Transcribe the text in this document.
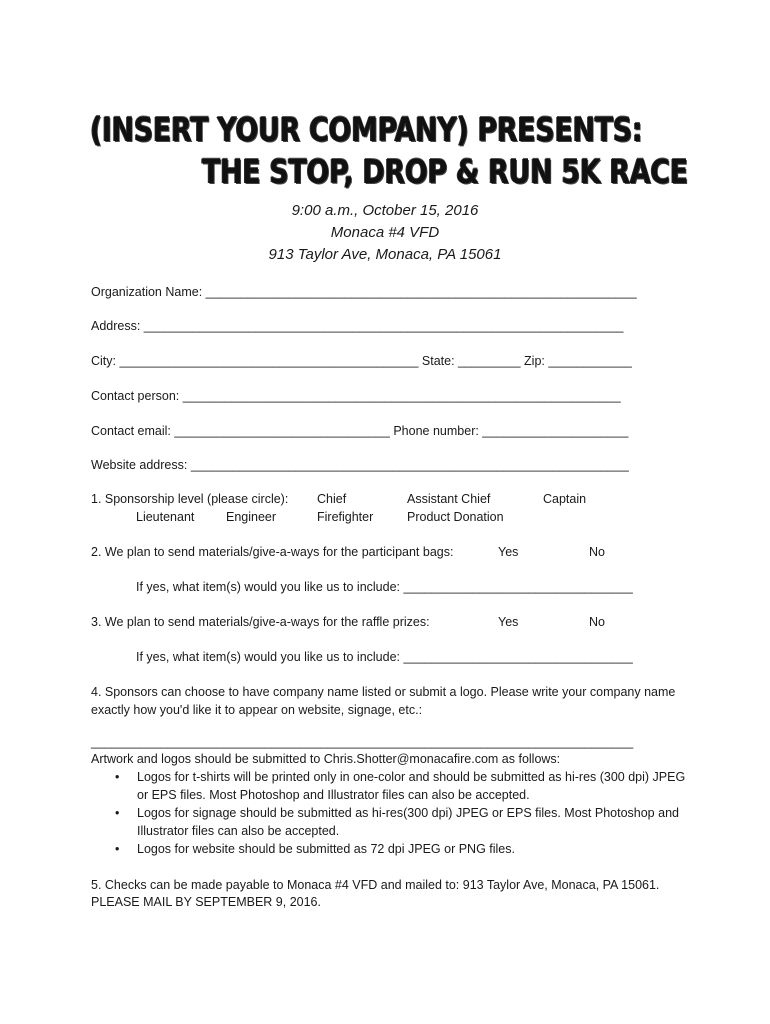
(INSERT YOUR COMPANY) PRESENTS:
THE STOP, DROP & RUN 5K RACE
9:00 a.m., October 15, 2016
Monaca #4 VFD
913 Taylor Ave, Monaca, PA 15061
Organization Name: ______________________________________________________________
Address: _____________________________________________________________________
City: ___________________________________________ State: _________ Zip: ____________
Contact person: _______________________________________________________________
Contact email: _______________________________ Phone number: _____________________
Website address: _______________________________________________________________
1. Sponsorship level (please circle): Chief	Assistant Chief	Captain
Lieutenant	Engineer	Firefighter	Product Donation
2. We plan to send materials/give-a-ways for the participant bags:	Yes	No
If yes, what item(s) would you like us to include: _________________________________
3. We plan to send materials/give-a-ways for the raffle prizes:	Yes	No
If yes, what item(s) would you like us to include: _________________________________
4. Sponsors can choose to have company name listed or submit a logo. Please write your company name exactly how you'd like it to appear on website, signage, etc.:
______________________________________________________________________________
Artwork and logos should be submitted to Chris.Shotter@monacafire.com as follows:
• Logos for t-shirts will be printed only in one-color and should be submitted as hi-res (300 dpi) JPEG or EPS files. Most Photoshop and Illustrator files can also be accepted.
• Logos for signage should be submitted as hi-res(300 dpi) JPEG or EPS files. Most Photoshop and Illustrator files can also be accepted.
• Logos for website should be submitted as 72 dpi JPEG or PNG files.
5. Checks can be made payable to Monaca #4 VFD and mailed to: 913 Taylor Ave, Monaca, PA 15061.
PLEASE MAIL BY SEPTEMBER 9, 2016.
